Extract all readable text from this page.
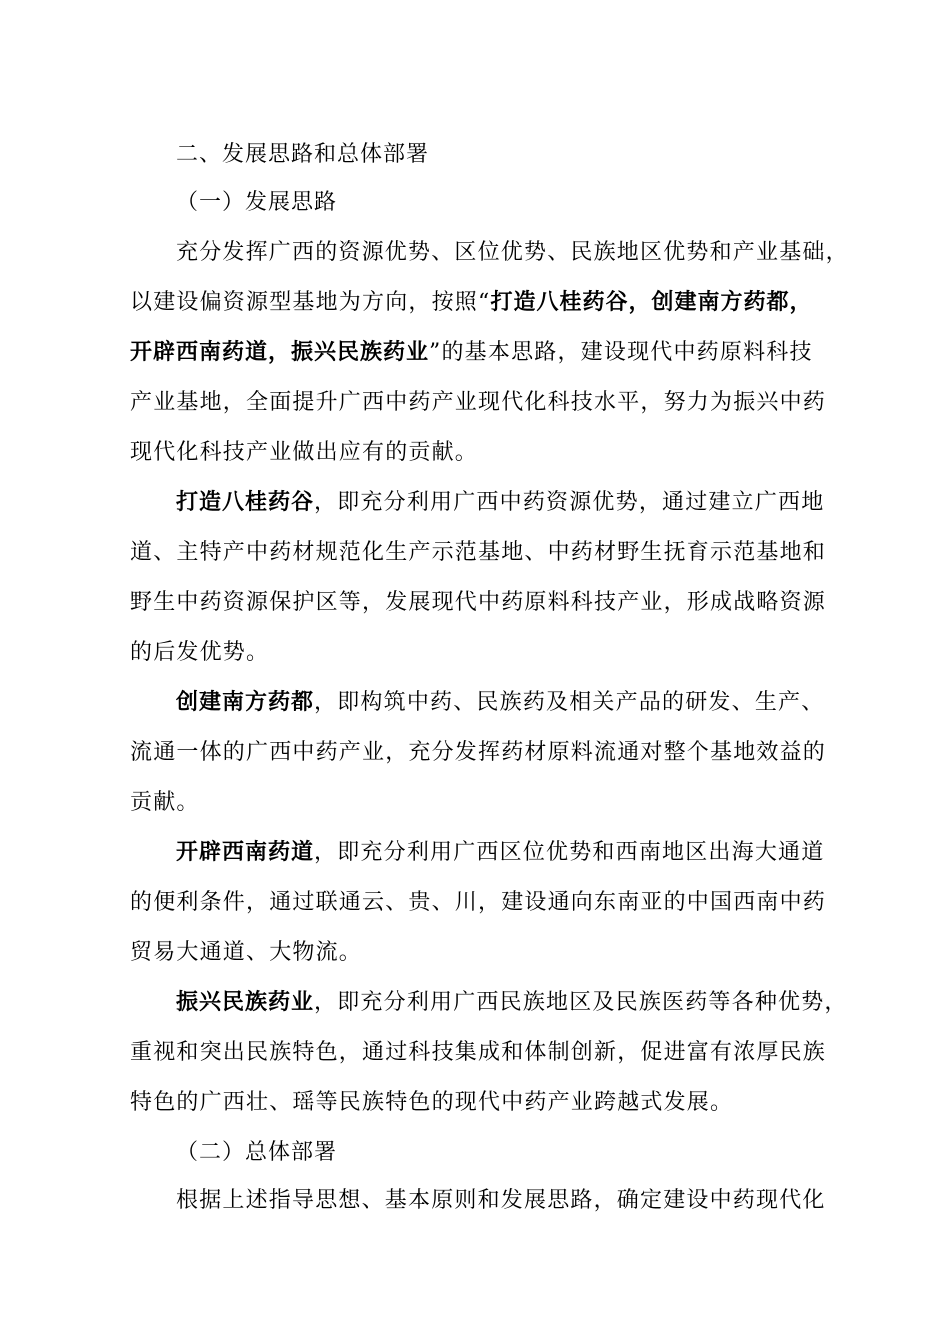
二、发展思路和总体部署
（一）发展思路
充分发挥广西的资源优势、区位优势、民族地区优势和产业基础，
以建设偏资源型基地为方向，按照“打造八桂药谷，创建南方药都，
开辟西南药道，振兴民族药业”的基本思路，建设现代中药原料科技
产业基地，全面提升广西中药产业现代化科技水平，努力为振兴中药
现代化科技产业做出应有的贡献。
打造八桂药谷，即充分利用广西中药资源优势，通过建立广西地
道、主特产中药材规范化生产示范基地、中药材野生抚育示范基地和
野生中药资源保护区等，发展现代中药原料科技产业，形成战略资源
的后发优势。
创建南方药都，即构筑中药、民族药及相关产品的研发、生产、
流通一体的广西中药产业，充分发挥药材原料流通对整个基地效益的
贡献。
开辟西南药道，即充分利用广西区位优势和西南地区出海大通道
的便利条件，通过联通云、贵、川，建设通向东南亚的中国西南中药
贸易大通道、大物流。
振兴民族药业，即充分利用广西民族地区及民族医药等各种优势，
重视和突出民族特色，通过科技集成和体制创新，促进富有浓厚民族
特色的广西壮、瑶等民族特色的现代中药产业跨越式发展。
（二）总体部署
根据上述指导思想、基本原则和发展思路，确定建设中药现代化
